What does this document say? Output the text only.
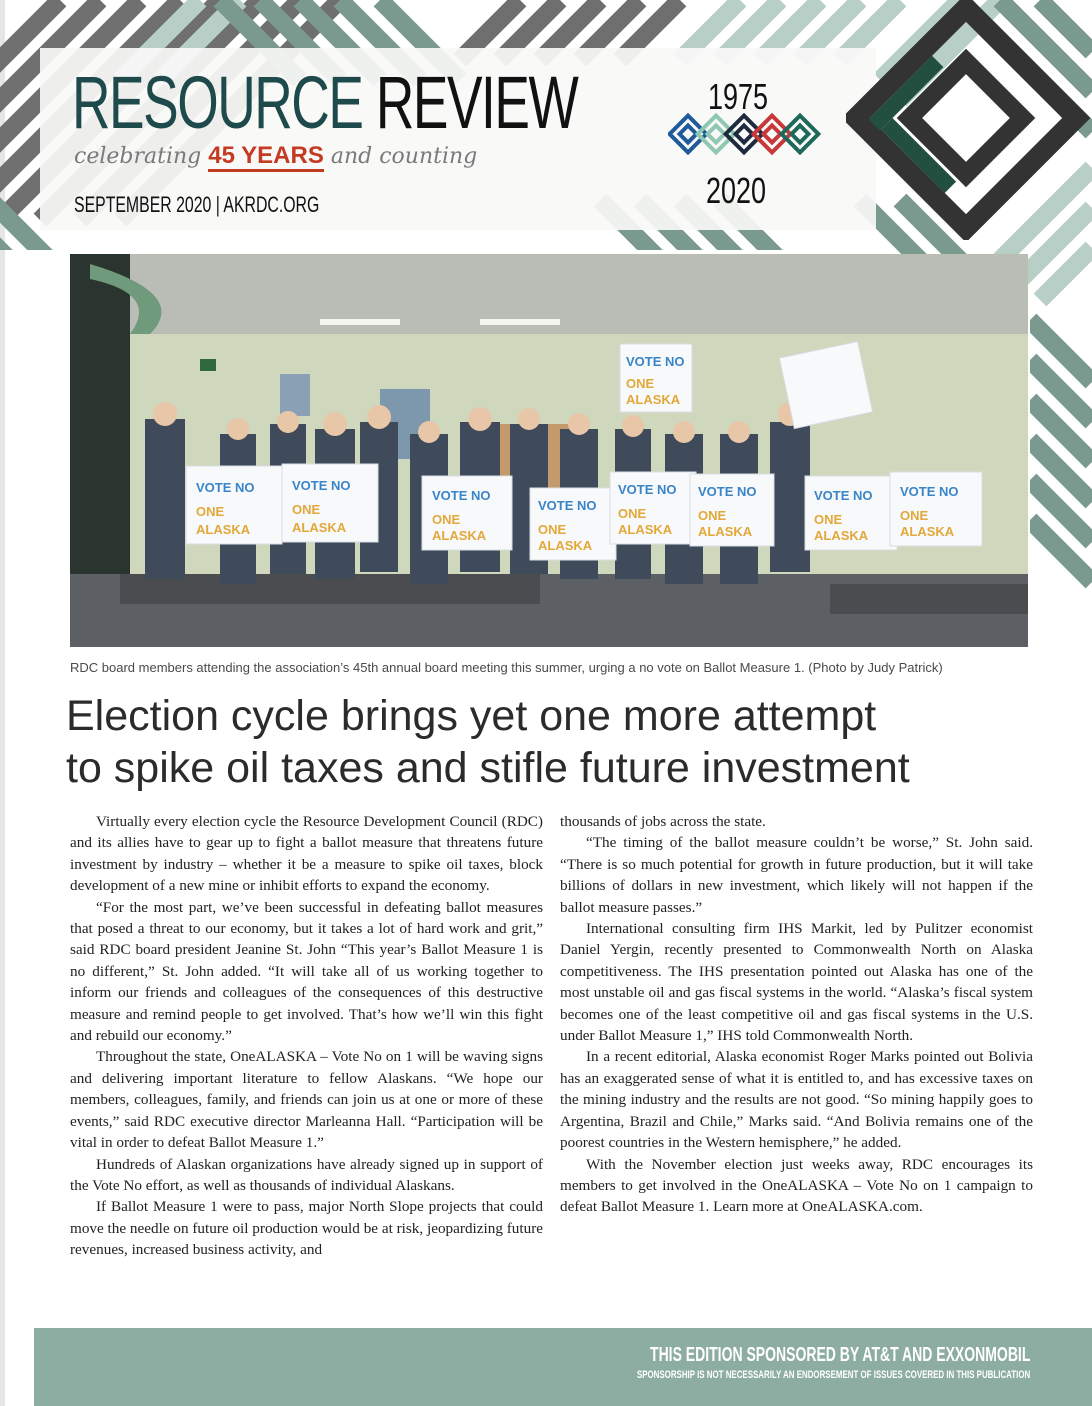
RESOURCE REVIEW
celebrating 45 YEARS and counting
SEPTEMBER 2020 | AKRDC.ORG
1975
2020
VOTE NO
ONE
ALASKA
VOTE NO
ONE
ALASKA
VOTE NO
ONE
ALASKA
VOTE NO
ONE
ALASKA
VOTE NO
ONE
ALASKA
VOTE NO
ONE
ALASKA
VOTE NO
ONE
ALASKA
VOTE NO
ONE
ALASKA
VOTE NO
ONE
ALASKA
RDC board members attending the association’s 45th annual board meeting this summer, urging a no vote on Ballot Measure 1. (Photo by Judy Patrick)
Election cycle brings yet one more attempt
to spike oil taxes and stifle future investment

Virtually every election cycle the Resource Development Council (RDC) and its allies have to gear up to fight a ballot measure that threatens future investment by industry – whether it be a measure to spike oil taxes, block development of a new mine or inhibit efforts to expand the economy.

“For the most part, we’ve been successful in defeating ballot measures that posed a threat to our economy, but it takes a lot of hard work and grit,” said RDC board president Jeanine St. John “This year’s Ballot Measure 1 is no different,” St. John added. “It will take all of us working together to inform our friends and colleagues of the consequences of this destructive measure and remind people to get involved. That’s how we’ll win this fight and rebuild our economy.”

Throughout the state, OneALASKA – Vote No on 1 will be waving signs and delivering important literature to fellow Alaskans. “We hope our members, colleagues, family, and friends can join us at one or more of these events,” said RDC executive director Marleanna Hall. “Participation will be vital in order to defeat Ballot Measure 1.”

Hundreds of Alaskan organizations have already signed up in support of the Vote No effort, as well as thousands of individual Alaskans.

If Ballot Measure 1 were to pass, major North Slope projects that could move the needle on future oil production would be at risk, jeopardizing future revenues, increased business activity, and

thousands of jobs across the state.

“The timing of the ballot measure couldn’t be worse,” St. John said. “There is so much potential for growth in future production, but it will take billions of dollars in new investment, which likely will not happen if the ballot measure passes.”

International consulting firm IHS Markit, led by Pulitzer economist Daniel Yergin, recently presented to Commonwealth North on Alaska competitiveness. The IHS presentation pointed out Alaska has one of the most unstable oil and gas fiscal systems in the world. “Alaska’s fiscal system becomes one of the least competitive oil and gas fiscal systems in the U.S. under Ballot Measure 1,” IHS told Commonwealth North.

In a recent editorial, Alaska economist Roger Marks pointed out Bolivia has an exaggerated sense of what it is entitled to, and has excessive taxes on the mining industry and the results are not good. “So mining happily goes to Argentina, Brazil and Chile,” Marks said. “And Bolivia remains one of the poorest countries in the Western hemisphere,” he added.

With the November election just weeks away, RDC encourages its members to get involved in the OneALASKA – Vote No on 1 campaign to defeat Ballot Measure 1. Learn more at OneALASKA.com.

THIS EDITION SPONSORED BY AT&T AND EXXONMOBIL
SPONSORSHIP IS NOT NECESSARILY AN ENDORSEMENT OF ISSUES COVERED IN THIS PUBLICATION
